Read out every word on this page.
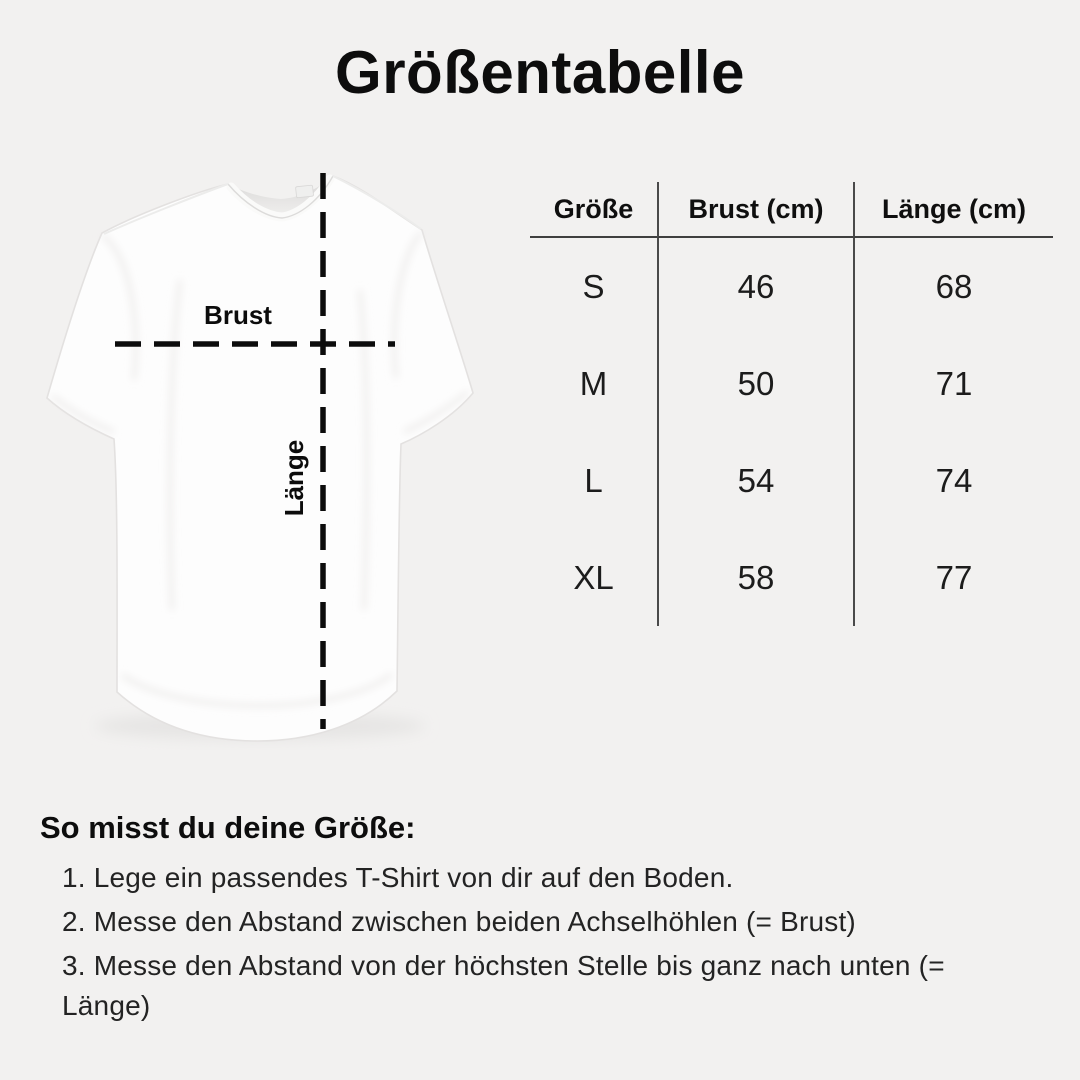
Größentabelle
Brust
Länge
Größe	Brust (cm)	Länge (cm)
S	46	68
M	50	71
L	54	74
XL	58	77
So misst du deine Größe:
1. Lege ein passendes T-Shirt von dir auf den Boden.
2. Messe den Abstand zwischen beiden Achselhöhlen (= Brust)
3. Messe den Abstand von der höchsten Stelle bis ganz nach unten (= Länge)
